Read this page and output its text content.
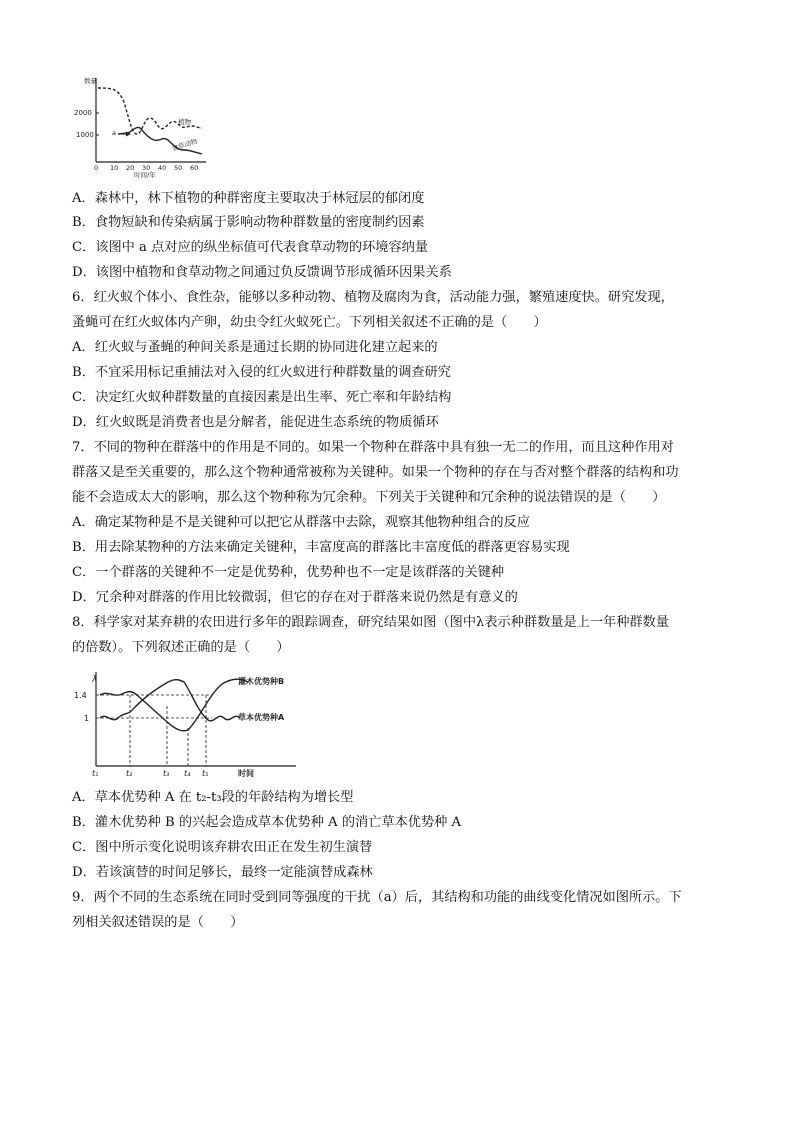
数量
2000
1000
0 10 20 30 40 50 60
时间/年
a
植物
食草动物
A．森林中，林下植物的种群密度主要取决于林冠层的郁闭度
B．食物短缺和传染病属于影响动物种群数量的密度制约因素
C．该图中 a 点对应的纵坐标值可代表食草动物的环境容纳量
D．该图中植物和食草动物之间通过负反馈调节形成循环因果关系
6．红火蚁个体小、食性杂，能够以多种动物、植物及腐肉为食，活动能力强，繁殖速度快。研究发现，
蚤蝇可在红火蚁体内产卵，幼虫令红火蚁死亡。下列相关叙述不正确的是（　　）
A．红火蚁与蚤蝇的种间关系是通过长期的协同进化建立起来的
B．不宜采用标记重捕法对入侵的红火蚁进行种群数量的调查研究
C．决定红火蚁种群数量的直接因素是出生率、死亡率和年龄结构
D．红火蚁既是消费者也是分解者，能促进生态系统的物质循环
7．不同的物种在群落中的作用是不同的。如果一个物种在群落中具有独一无二的作用，而且这种作用对
群落又是至关重要的，那么这个物种通常被称为关键种。如果一个物种的存在与否对整个群落的结构和功
能不会造成太大的影响，那么这个物种称为冗余种。下列关于关键种和冗余种的说法错误的是（　　）
A．确定某物种是不是关键种可以把它从群落中去除，观察其他物种组合的反应
B．用去除某物种的方法来确定关键种，丰富度高的群落比丰富度低的群落更容易实现
C．一个群落的关键种不一定是优势种，优势种也不一定是该群落的关键种
D．冗余种对群落的作用比较微弱，但它的存在对于群落来说仍然是有意义的
8．科学家对某弃耕的农田进行多年的跟踪调查，研究结果如图（图中λ表示种群数量是上一年种群数量
的倍数）。下列叙述正确的是（　　）
λ
1.4
1
灌木优势种B
草本优势种A
t₁	t₂	t₃ t₄ t₅	时间
A．草本优势种 A 在 t₂-t₃段的年龄结构为增长型
B．灌木优势种 B 的兴起会造成草本优势种 A 的消亡草本优势种 A
C．图中所示变化说明该弃耕农田正在发生初生演替
D．若该演替的时间足够长，最终一定能演替成森林
9．两个不同的生态系统在同时受到同等强度的干扰（a）后，其结构和功能的曲线变化情况如图所示。下
列相关叙述错误的是（　　）
